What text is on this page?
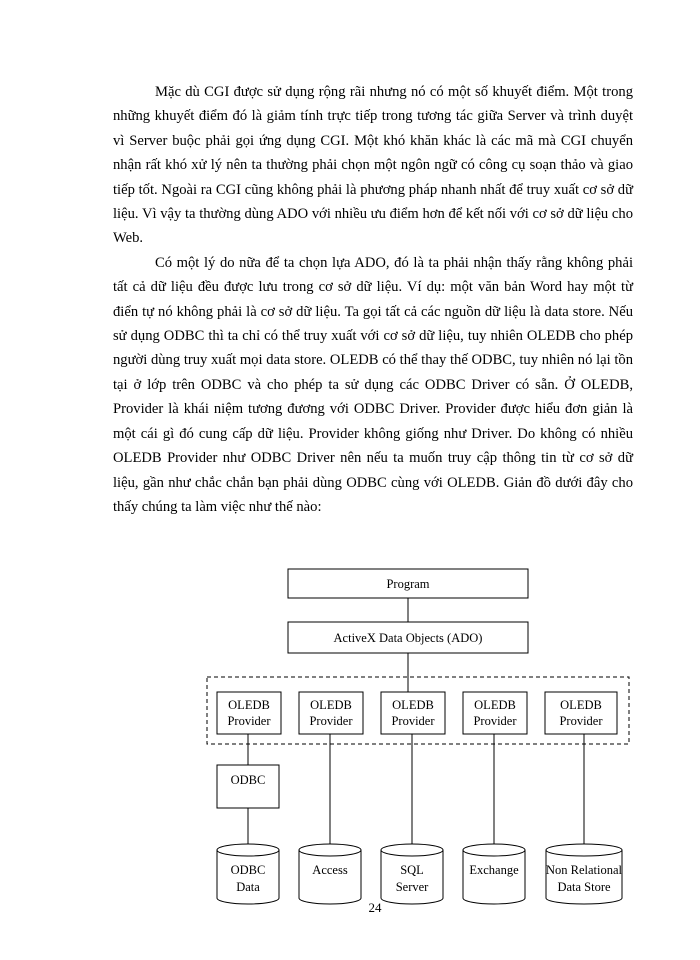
Mặc dù CGI được sử dụng rộng rãi nhưng nó có một số khuyết điểm. Một trong những khuyết điểm đó là giảm tính trực tiếp trong tương tác giữa Server và trình duyệt vì Server buộc phải gọi ứng dụng CGI. Một khó khăn khác là các mã mà CGI chuyển nhận rất khó xử lý nên ta thường phải chọn một ngôn ngữ có công cụ soạn thảo và giao tiếp tốt. Ngoài ra CGI cũng không phải là phương pháp nhanh nhất để truy xuất cơ sở dữ liệu. Vì vậy ta thường dùng ADO với nhiều ưu điểm hơn để kết nối với cơ sở dữ liệu cho Web.

Có một lý do nữa để ta chọn lựa ADO, đó là ta phải nhận thấy rằng không phải tất cả dữ liệu đều được lưu trong cơ sở dữ liệu. Ví dụ: một văn bản Word hay một từ điển tự nó không phải là cơ sở dữ liệu. Ta gọi tất cả các nguồn dữ liệu là data store. Nếu sử dụng ODBC thì ta chỉ có thể truy xuất với cơ sở dữ liệu, tuy nhiên OLEDB cho phép người dùng truy xuất mọi data store. OLEDB có thể thay thế ODBC, tuy nhiên nó lại tồn tại ở lớp trên ODBC và cho phép ta sử dụng các ODBC Driver có sẵn. Ở OLEDB, Provider là khái niệm tương đương với ODBC Driver. Provider được hiểu đơn giản là một cái gì đó cung cấp dữ liệu. Provider không giống như Driver. Do không có nhiều OLEDB Provider như ODBC Driver nên nếu ta muốn truy cập thông tin từ cơ sở dữ liệu, gần như chắc chắn bạn phải dùng ODBC cùng với OLEDB. Giản đồ dưới đây cho thấy chúng ta làm việc như thế nào:

Program
ActiveX Data Objects (ADO)
OLEDB
Provider
OLEDB
Provider
OLEDB
Provider
OLEDB
Provider
OLEDB
Provider
ODBC
ODBC
Data
Access	SQL
Server
Exchange Non Relational
Data Store
24
